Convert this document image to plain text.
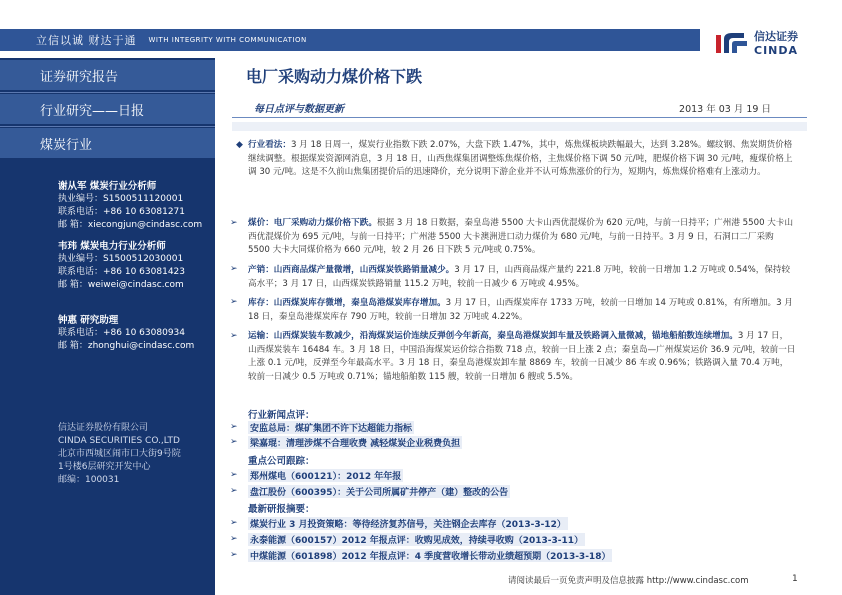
立信以诚 财达于通 WITH INTEGRITY WITH COMMUNICATION	信达证券
CINDA
证券研究报告
行业研究——日报
煤炭行业
谢从军 煤炭行业分析师
执业编号：S1500511120001
联系电话：+86 10 63081271
邮 箱：xiecongjun@cindasc.com
韦玮 煤炭电力行业分析师
执业编号：S1500512030001
联系电话：+86 10 63081423
邮 箱：weiwei@cindasc.com
钟惠 研究助理
联系电话：+86 10 63080934
邮 箱：zhonghui@cindasc.com
信达证券股份有限公司
CINDA SECURITIES CO.,LTD
北京市西城区闹市口大街9号院
1号楼6层研究开发中心
邮编：100031
电厂采购动力煤价格下跌
每日点评与数据更新	2013 年 03 月 19 日
◆ 行业看法：3 月 18 日周一，煤炭行业指数下跌 2.07%，大盘下跌 1.47%，其中，炼焦煤板块跌幅最大，达到 3.28%。螺纹钢、焦炭期货价格继续调整。根据煤炭资源网消息，3 月 18 日，山西焦煤集团调整炼焦煤价格，主焦煤价格下调 50 元/吨，肥煤价格下调 30 元/吨，瘦煤价格上调 30 元/吨。这是不久前山焦集团提价后的迅速降价，充分说明下游企业并不认可炼焦涨价的行为，短期内，炼焦煤价格难有上涨动力。
➢ 煤价：电厂采购动力煤价格下跌。根据 3 月 18 日数据，秦皇岛港 5500 大卡山西优混煤价为 620 元/吨，与前一日持平；广州港 5500 大卡山西优混煤价为 695 元/吨，与前一日持平；广州港 5500 大卡澳洲进口动力煤价为 680 元/吨，与前一日持平。3 月 9 日，石洞口二厂采购 5500 大卡大同煤价格为 660 元/吨，较 2 月 26 日下跌 5 元/吨或 0.75%。
➢ 产销：山西商品煤产量微增，山西煤炭铁路销量减少。3 月 17 日，山西商品煤产量约 221.8 万吨，较前一日增加 1.2 万吨或 0.54%，保持较高水平；3 月 17 日，山西煤炭铁路销量 115.2 万吨，较前一日减少 6 万吨或 4.95%。
➢ 库存：山西煤炭库存微增，秦皇岛港煤炭库存增加。3 月 17 日，山西煤炭库存 1733 万吨，较前一日增加 14 万吨或 0.81%，有所增加。3 月 18 日，秦皇岛港煤炭库存 790 万吨，较前一日增加 32 万吨或 4.22%。
➢ 运输：山西煤炭装车数减少，沿海煤炭运价连续反弹创今年新高，秦皇岛港煤炭卸车量及铁路调入量微减，锚地船舶数连续增加。3 月 17 日，山西煤炭装车 16484 车。3 月 18 日，中国沿海煤炭运价综合指数 718 点，较前一日上涨 2 点；秦皇岛—广州煤炭运价 36.9 元/吨，较前一日上涨 0.1 元/吨，反弹至今年最高水平。3 月 18 日，秦皇岛港煤炭卸车量 8869 车，较前一日减少 86 车或 0.96%；铁路调入量 70.4 万吨，较前一日减少 0.5 万吨或 0.71%；锚地船舶数 115 艘，较前一日增加 6 艘或 5.5%。
行业新闻点评：
➢ 安监总局：煤矿集团不许下达超能力指标
➢ 梁嘉琨：清理涉煤不合理收费 减轻煤炭企业税费负担
重点公司跟踪：
➢ 郑州煤电（600121）：2012 年年报
➢ 盘江股份（600395）：关于公司所属矿井停产（建）整改的公告
最新研报摘要：
➢ 煤炭行业 3 月投资策略：等待经济复苏信号，关注钢企去库存（2013-3-12）
➢ 永泰能源（600157）2012 年报点评：收购见成效，持续寻收购（2013-3-11）
➢ 中煤能源（601898）2012 年报点评：4 季度营收增长带动业绩超预期（2013-3-18）
请阅读最后一页免责声明及信息披露 http://www.cindasc.com	1
